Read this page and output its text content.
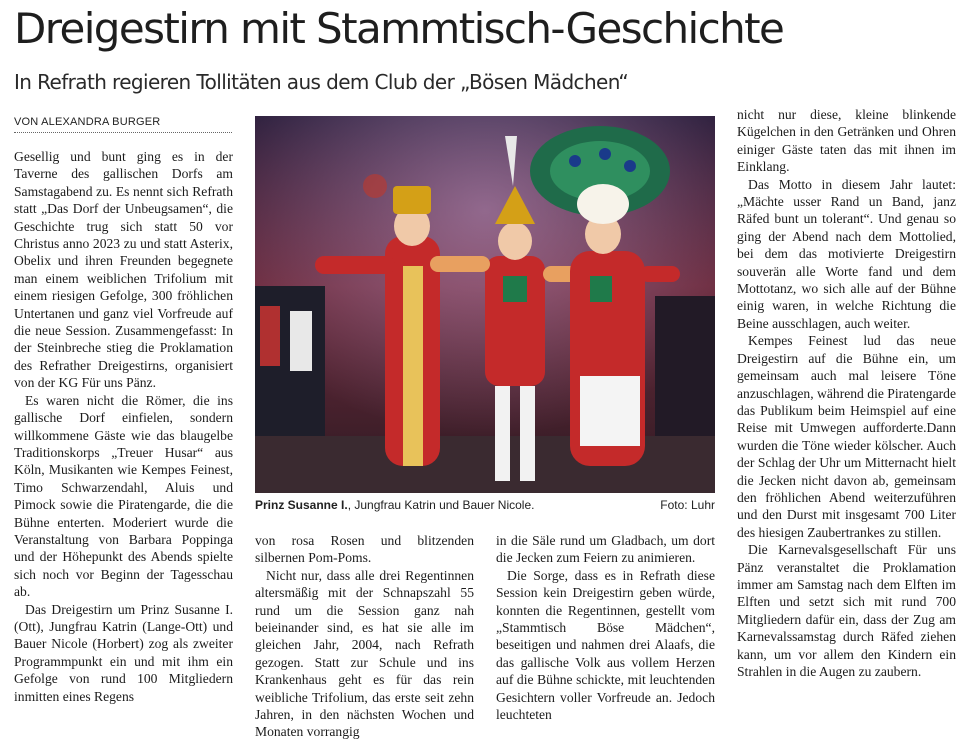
Dreigestirn mit Stammtisch-Geschichte
In Refrath regieren Tollitäten aus dem Club der „Bösen Mädchen“
VON ALEXANDRA BURGER

Gesellig und bunt ging es in der Taverne des gallischen Dorfs am Samstagabend zu. Es nennt sich Refrath statt „Das Dorf der Unbeugsamen“, die Geschichte trug sich statt 50 vor Christus anno 2023 zu und statt Asterix, Obelix und ihren Freunden begegnete man einem weiblichen Trifolium mit einem riesigen Gefolge, 300 fröhlichen Untertanen und ganz viel Vorfreude auf die neue Session. Zusammengefasst: In der Steinbreche stieg die Proklamation des Refrather Dreigestirns, organisiert von der KG Für uns Pänz.

Es waren nicht die Römer, die ins gallische Dorf einfielen, sondern willkommene Gäste wie das blaugelbe Traditionskorps „Treuer Husar“ aus Köln, Musikanten wie Kempes Feinest, Timo Schwarzendahl, Aluis und Pimock sowie die Piratengarde, die die Bühne enterten. Moderiert wurde die Veranstaltung von Barbara Poppinga und der Höhepunkt des Abends spielte sich noch vor Beginn der Tagesschau ab.

Das Dreigestirn um Prinz Susanne I. (Ott), Jungfrau Katrin (Lange-Ott) und Bauer Nicole (Horbert) zog als zweiter Programmpunkt ein und mit ihm ein Gefolge von rund 100 Mitgliedern inmitten eines Regens

Prinz Susanne I., Jungfrau Katrin und Bauer Nicole.	Foto: Luhr

von rosa Rosen und blitzenden silbernen Pom-Poms.

Nicht nur, dass alle drei Regentinnen altersmäßig mit der Schnapszahl 55 rund um die Session ganz nah beieinander sind, es hat sie alle im gleichen Jahr, 2004, nach Refrath gezogen. Statt zur Schule und ins Krankenhaus geht es für das rein weibliche Trifolium, das erste seit zehn Jahren, in den nächsten Wochen und Monaten vorrangig

in die Säle rund um Gladbach, um dort die Jecken zum Feiern zu animieren.

Die Sorge, dass es in Refrath diese Session kein Dreigestirn geben würde, konnten die Regentinnen, gestellt vom „Stammtisch Böse Mädchen“, beseitigen und nahmen drei Alaafs, die das gallische Volk aus vollem Herzen auf die Bühne schickte, mit leuchtenden Gesichtern voller Vorfreude an. Jedoch leuchteten

nicht nur diese, kleine blinkende Kügelchen in den Getränken und Ohren einiger Gäste taten das mit ihnen im Einklang.

Das Motto in diesem Jahr lautet: „Mächte usser Rand un Band, janz Räfed bunt un tolerant“. Und genau so ging der Abend nach dem Mottolied, bei dem das motivierte Dreigestirn souverän alle Worte fand und dem Mottotanz, wo sich alle auf der Bühne einig waren, in welche Richtung die Beine ausschlagen, auch weiter.

Kempes Feinest lud das neue Dreigestirn auf die Bühne ein, um gemeinsam auch mal leisere Töne anzuschlagen, während die Piratengarde das Publikum beim Heimspiel auf eine Reise mit Umwegen aufforderte.Dann wurden die Töne wieder kölscher. Auch der Schlag der Uhr um Mitternacht hielt die Jecken nicht davon ab, gemeinsam den fröhlichen Abend weiterzuführen und den Durst mit insgesamt 700 Liter des hiesigen Zaubertrankes zu stillen.

Die Karnevalsgesellschaft Für uns Pänz veranstaltet die Proklamation immer am Samstag nach dem Elften im Elften und setzt sich mit rund 700 Mitgliedern dafür ein, dass der Zug am Karnevalssamstag durch Räfed ziehen kann, um vor allem den Kindern ein Strahlen in die Augen zu zaubern.
